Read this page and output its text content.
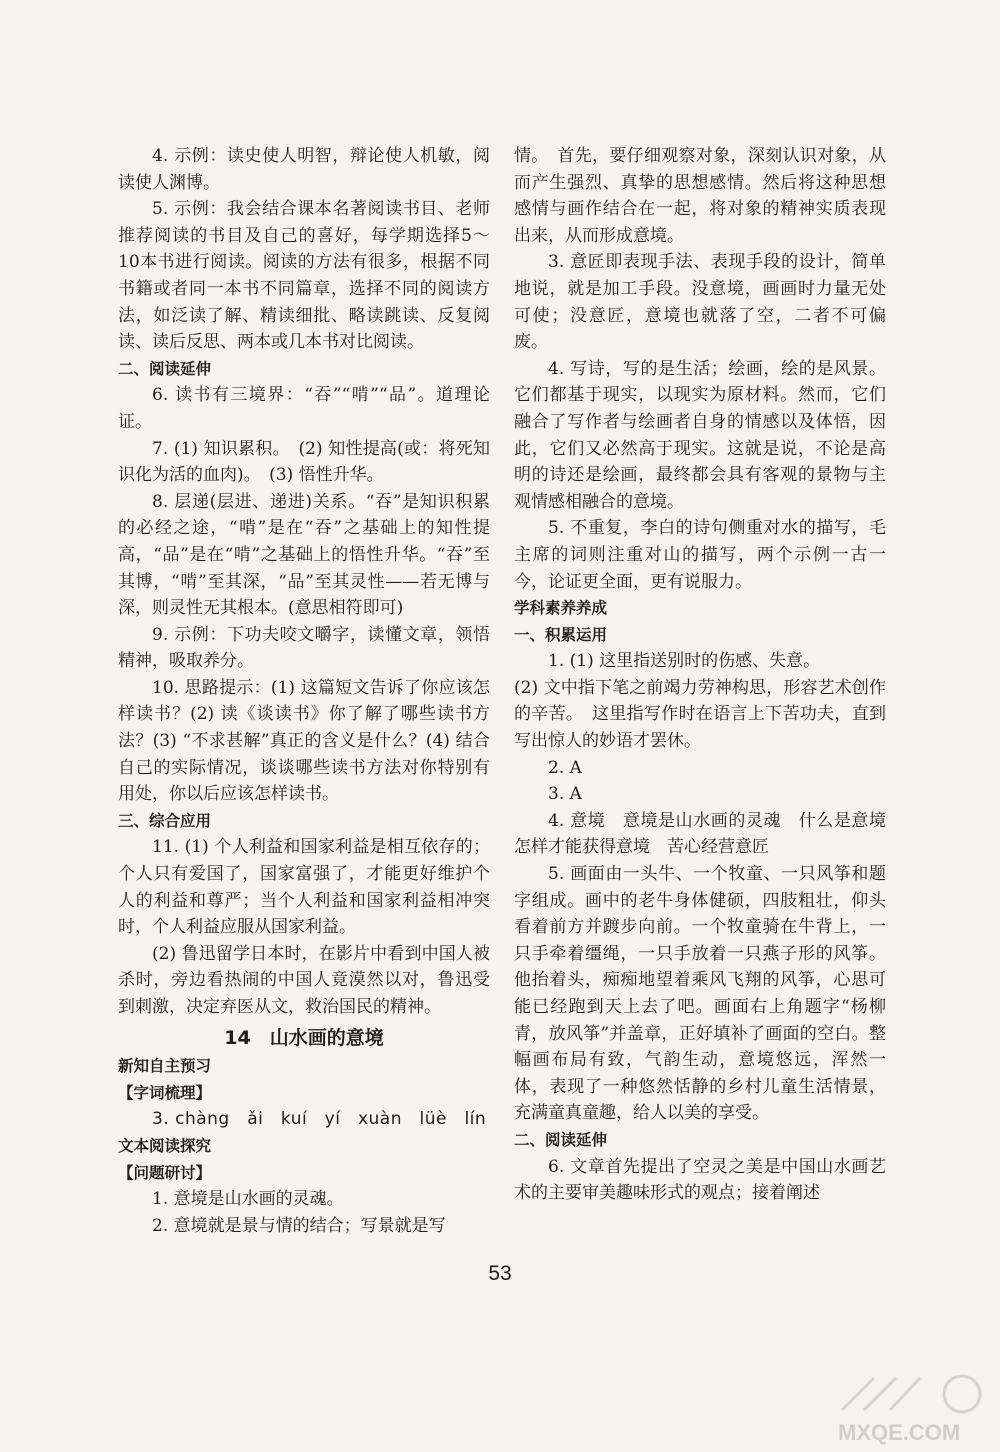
4. 示例：读史使人明智，辩论使人机敏，阅读使人渊博。

5. 示例：我会结合课本名著阅读书目、老师推荐阅读的书目及自己的喜好，每学期选择5～10本书进行阅读。阅读的方法有很多，根据不同书籍或者同一本书不同篇章，选择不同的阅读方法，如泛读了解、精读细批、略读跳读、反复阅读、读后反思、两本或几本书对比阅读。

二、阅读延伸

6. 读书有三境界：“吞”“啃”“品”。道理论证。

7. (1) 知识累积。　(2) 知性提高(或：将死知识化为活的血肉)。　(3) 悟性升华。

8. 层递(层进、递进)关系。“吞”是知识积累的必经之途，“啃”是在“吞”之基础上的知性提高，“品”是在“啃”之基础上的悟性升华。“吞”至其博，“啃”至其深，“品”至其灵性——若无博与深，则灵性无其根本。(意思相符即可)

9. 示例：下功夫咬文嚼字，读懂文章，领悟精神，吸取养分。

10. 思路提示：(1) 这篇短文告诉了你应该怎样读书？(2) 读《谈读书》你了解了哪些读书方法？(3) “不求甚解”真正的含义是什么？(4) 结合自己的实际情况，谈谈哪些读书方法对你特别有用处，你以后应该怎样读书。

三、综合应用

11. (1) 个人利益和国家利益是相互依存的；个人只有爱国了，国家富强了，才能更好维护个人的利益和尊严；当个人利益和国家利益相冲突时，个人利益应服从国家利益。

(2) 鲁迅留学日本时，在影片中看到中国人被杀时，旁边看热闹的中国人竟漠然以对，鲁迅受到刺激，决定弃医从文，救治国民的精神。

14　山水画的意境

新知自主预习

【字词梳理】

3. chàng　ǎi　kuí　yí　xuàn　lüè　lín

文本阅读探究

【问题研讨】

1. 意境是山水画的灵魂。

2. 意境就是景与情的结合；写景就是写

情。　首先，要仔细观察对象，深刻认识对象，从而产生强烈、真挚的思想感情。然后将这种思想感情与画作结合在一起，将对象的精神实质表现出来，从而形成意境。

3. 意匠即表现手法、表现手段的设计，简单地说，就是加工手段。没意境，画画时力量无处可使；没意匠，意境也就落了空，二者不可偏废。

4. 写诗，写的是生活；绘画，绘的是风景。它们都基于现实，以现实为原材料。然而，它们融合了写作者与绘画者自身的情感以及体悟，因此，它们又必然高于现实。这就是说，不论是高明的诗还是绘画，最终都会具有客观的景物与主观情感相融合的意境。

5. 不重复，李白的诗句侧重对水的描写，毛主席的词则注重对山的描写，两个示例一古一今，论证更全面，更有说服力。

学科素养养成

一、积累运用

1. (1) 这里指送别时的伤感、失意。

(2) 文中指下笔之前竭力劳神构思，形容艺术创作的辛苦。　这里指写作时在语言上下苦功夫，直到写出惊人的妙语才罢休。

2. A

3. A

4. 意境　意境是山水画的灵魂　什么是意境　怎样才能获得意境　苦心经营意匠

5. 画面由一头牛、一个牧童、一只风筝和题字组成。画中的老牛身体健硕，四肢粗壮，仰头看着前方并踱步向前。一个牧童骑在牛背上，一只手牵着缰绳，一只手放着一只燕子形的风筝。他抬着头，痴痴地望着乘风飞翔的风筝，心思可能已经跑到天上去了吧。画面右上角题字“杨柳青，放风筝”并盖章，正好填补了画面的空白。整幅画布局有致，气韵生动，意境悠远，浑然一体，表现了一种悠然恬静的乡村儿童生活情景，充满童真童趣，给人以美的享受。

二、阅读延伸

6. 文章首先提出了空灵之美是中国山水画艺术的主要审美趣味形式的观点；接着阐述

53
MXQE.COM
